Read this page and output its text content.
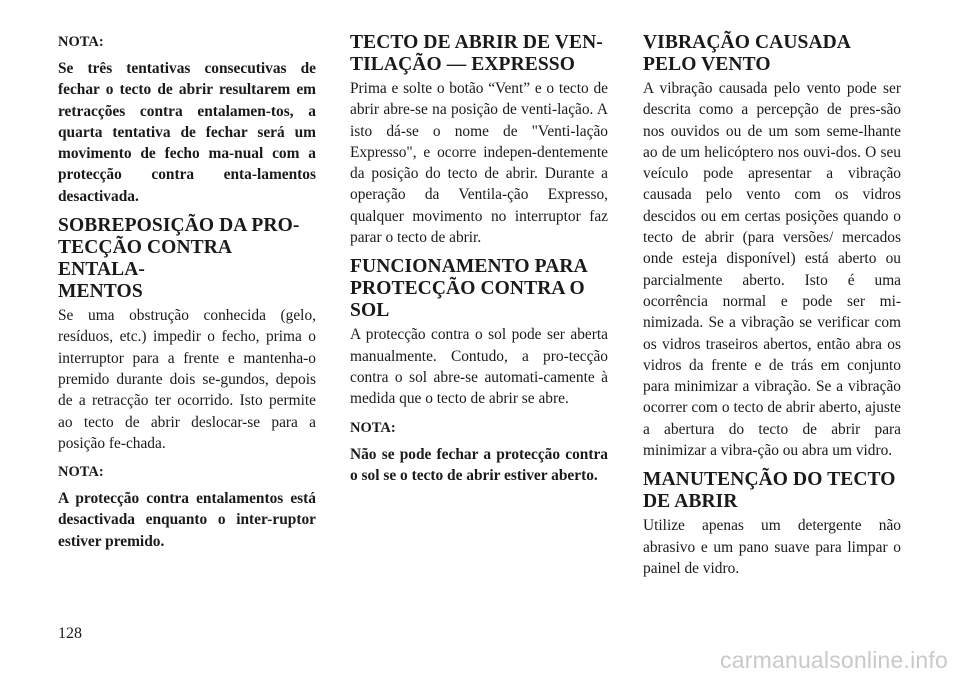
NOTA:

Se três tentativas consecutivas de fechar o tecto de abrir resultarem em retracções contra entalamen-tos, a quarta tentativa de fechar será um movimento de fecho ma-nual com a protecção contra enta-lamentos desactivada.

SOBREPOSIÇÃO DA PRO-
TECÇÃO CONTRA ENTALA-
MENTOS

Se uma obstrução conhecida (gelo, resíduos, etc.) impedir o fecho, prima o interruptor para a frente e mantenha-o premido durante dois se-gundos, depois de a retracção ter ocorrido. Isto permite ao tecto de abrir deslocar-se para a posição fe-chada.

NOTA:

A protecção contra entalamentos está desactivada enquanto o inter-ruptor estiver premido.

TECTO DE ABRIR DE VEN-
TILAÇÃO — EXPRESSO

Prima e solte o botão “Vent” e o tecto de abrir abre-se na posição de venti-lação. A isto dá-se o nome de "Venti-lação Expresso", e ocorre indepen-dentemente da posição do tecto de abrir. Durante a operação da Ventila-ção Expresso, qualquer movimento no interruptor faz parar o tecto de abrir.

FUNCIONAMENTO PARA
PROTECÇÃO CONTRA O
SOL

A protecção contra o sol pode ser aberta manualmente. Contudo, a pro-tecção contra o sol abre-se automati-camente à medida que o tecto de abrir se abre.

NOTA:

Não se pode fechar a protecção contra o sol se o tecto de abrir estiver aberto.

VIBRAÇÃO CAUSADA
PELO VENTO

A vibração causada pelo vento pode ser descrita como a percepção de pres-são nos ouvidos ou de um som seme-lhante ao de um helicóptero nos ouvi-dos. O seu veículo pode apresentar a vibração causada pelo vento com os vidros descidos ou em certas posições quando o tecto de abrir (para versões/ mercados onde esteja disponível) está aberto ou parcialmente aberto. Isto é uma ocorrência normal e pode ser mi-nimizada. Se a vibração se verificar com os vidros traseiros abertos, então abra os vidros da frente e de trás em conjunto para minimizar a vibração. Se a vibração ocorrer com o tecto de abrir aberto, ajuste a abertura do tecto de abrir para minimizar a vibra-ção ou abra um vidro.

MANUTENÇÃO DO TECTO
DE ABRIR

Utilize apenas um detergente não abrasivo e um pano suave para limpar o painel de vidro.

128
carmanualsonline.info
